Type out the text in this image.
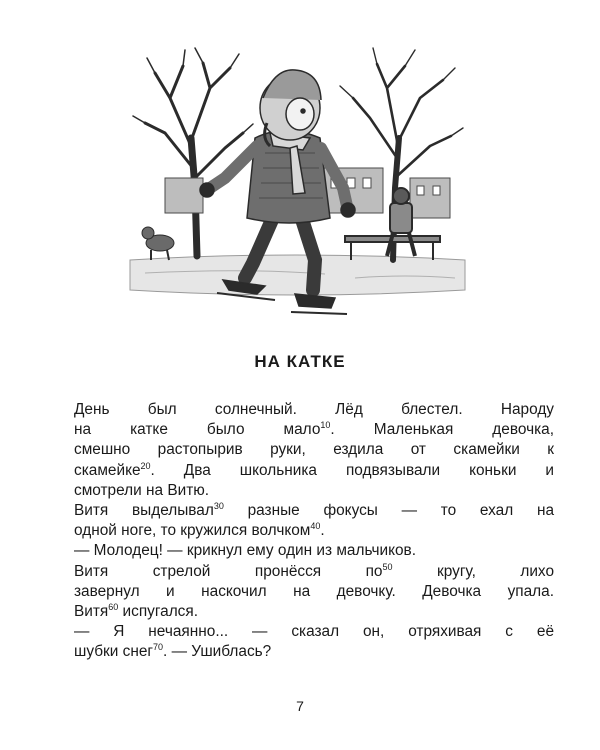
НА КАТКЕ

День был солнечный. Лёд блестел. Народу
на катке было мало$^{10}$. Маленькая девочка,
смешно растопырив руки, ездила от скамейки к
скамейке$^{20}$. Два школьника подвязывали коньки и
смотрели на Витю.

Витя выделывал$^{30}$ разные фокусы — то ехал на
одной ноге, то кружился волчком$^{40}$.

— Молодец! — крикнул ему один из мальчиков.

Витя стрелой пронёсся $по^{50}$ кругу, лихо
завернул и наскочил на девочку. Девочка упала.
Витя$^{60}$ испугался.

— Я нечаянно... — сказал он, отряхивая с её
шубки снег$^{70}$. — Ушиблась?

7
